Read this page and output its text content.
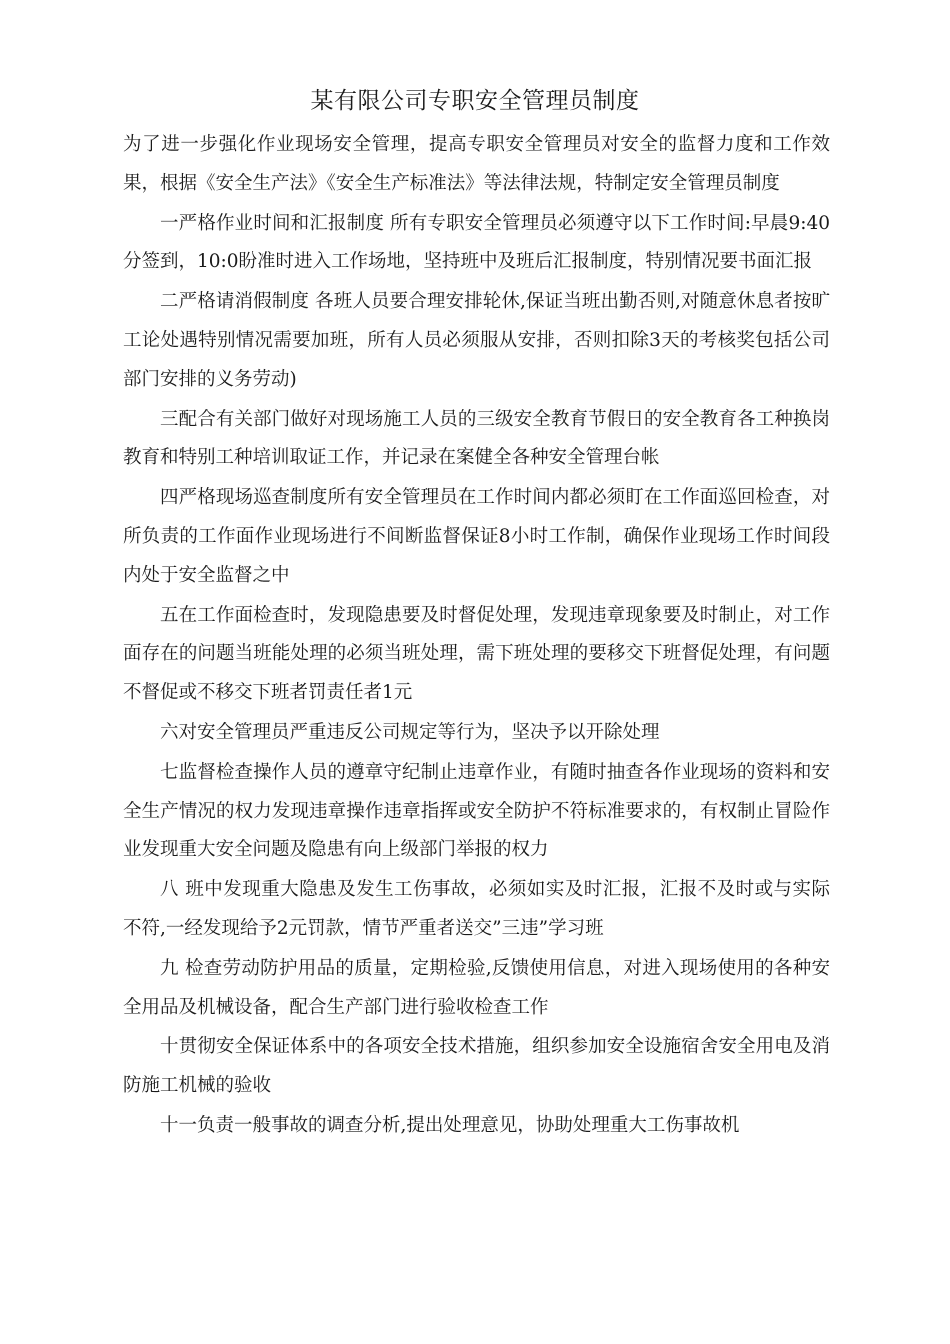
某有限公司专职安全管理员制度

为了进一步强化作业现场安全管理，提高专职安全管理员对安全的监督力度和工作效果，根据《安全生产法》《安全生产标准法》等法律法规，特制定安全管理员制度

一严格作业时间和汇报制度 所有专职安全管理员必须遵守以下工作时间:早晨9:40分签到，10:0盼准时进入工作场地，坚持班中及班后汇报制度，特别情况要书面汇报

二严格请消假制度 各班人员要合理安排轮休,保证当班出勤否则,对随意休息者按旷工论处遇特别情况需要加班，所有人员必须服从安排，否则扣除3天的考核奖包括公司部门安排的义务劳动)

三配合有关部门做好对现场施工人员的三级安全教育节假日的安全教育各工种换岗教育和特别工种培训取证工作，并记录在案健全各种安全管理台帐

四严格现场巡查制度所有安全管理员在工作时间内都必须盯在工作面巡回检查，对所负责的工作面作业现场进行不间断监督保证8小时工作制，确保作业现场工作时间段内处于安全监督之中

五在工作面检查时，发现隐患要及时督促处理，发现违章现象要及时制止，对工作面存在的问题当班能处理的必须当班处理，需下班处理的要移交下班督促处理，有问题不督促或不移交下班者罚责任者1元

六对安全管理员严重违反公司规定等行为，坚决予以开除处理

七监督检查操作人员的遵章守纪制止违章作业，有随时抽查各作业现场的资料和安全生产情况的权力发现违章操作违章指挥或安全防护不符标准要求的，有权制止冒险作业发现重大安全问题及隐患有向上级部门举报的权力

八 班中发现重大隐患及发生工伤事故，必须如实及时汇报，汇报不及时或与实际不符,一经发现给予2元罚款，情节严重者送交”三违”学习班

九 检查劳动防护用品的质量，定期检验,反馈使用信息，对进入现场使用的各种安全用品及机械设备，配合生产部门进行验收检查工作

十贯彻安全保证体系中的各项安全技术措施，组织参加安全设施宿舍安全用电及消防施工机械的验收

十一负责一般事故的调查分析,提出处理意见，协助处理重大工伤事故机
